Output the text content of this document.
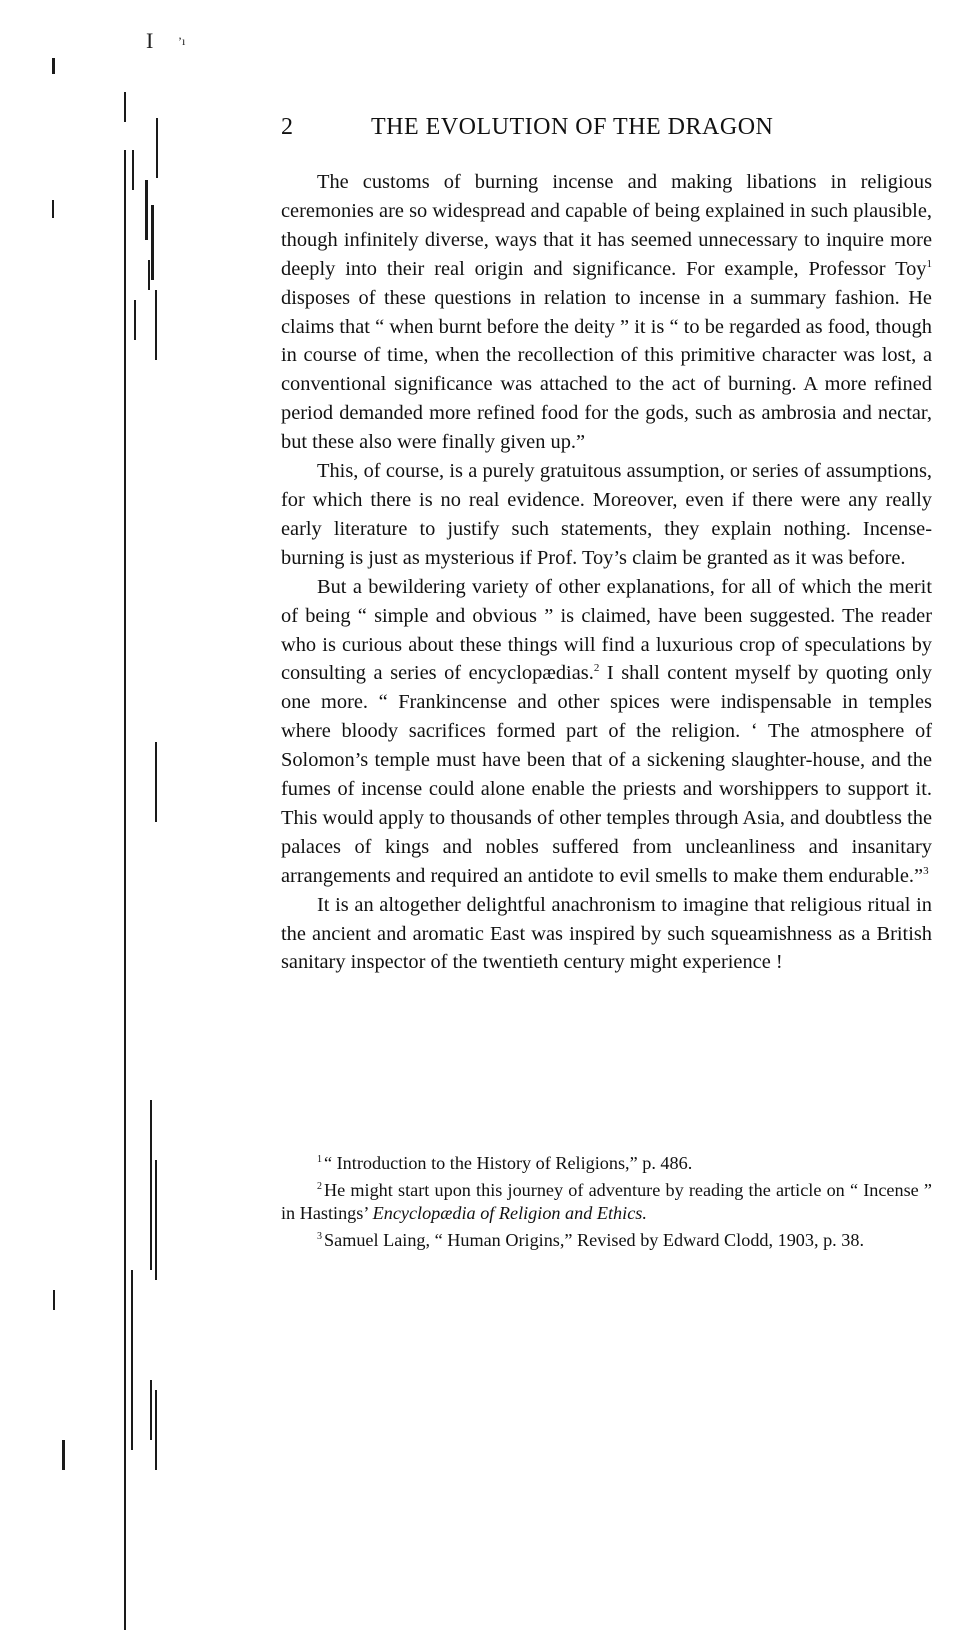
I ’ı
2	THE EVOLUTION OF THE DRAGON

The customs of burning incense and making libations in religious ceremonies are so widespread and capable of being explained in such plausible, though infinitely diverse, ways that it has seemed unnecessary to inquire more deeply into their real origin and significance. For example, Professor Toy$^1$ disposes of these questions in relation to incense in a summary fashion. He claims that “ when burnt before the deity ” it is “ to be regarded as food, though in course of time, when the recollection of this primitive character was lost, a conventional significance was attached to the act of burning. A more refined period demanded more refined food for the gods, such as ambrosia and nectar, but these also were finally given up.”

This, of course, is a purely gratuitous assumption, or series of assumptions, for which there is no real evidence. Moreover, even if there were any really early literature to justify such statements, they explain nothing. Incense-burning is just as mysterious if Prof. Toy’s claim be granted as it was before.

But a bewildering variety of other explanations, for all of which the merit of being “ simple and obvious ” is claimed, have been suggested. The reader who is curious about these things will find a luxurious crop of speculations by consulting a series of encyclopædias.$^2$ I shall content myself by quoting only one more. “ Frankincense and other spices were indispensable in temples where bloody sacrifices formed part of the religion. ‘ The atmosphere of Solomon’s temple must have been that of a sickening slaughter-house, and the fumes of incense could alone enable the priests and worshippers to support it. This would apply to thousands of other temples through Asia, and doubtless the palaces of kings and nobles suffered from uncleanliness and insanitary arrangements and required an antidote to evil smells to make them endurable.”$^3$

It is an altogether delightful anachronism to imagine that religious ritual in the ancient and aromatic East was inspired by such squeamishness as a British sanitary inspector of the twentieth century might experience !

$^1$ “ Introduction to the History of Religions,” p. 486.

$^2$ He might start upon this journey of adventure by reading the article on “ Incense ” in Hastings’ Encyclopædia of Religion and Ethics.

$^3$ Samuel Laing, “ Human Origins,” Revised by Edward Clodd, 1903, p. 38.
